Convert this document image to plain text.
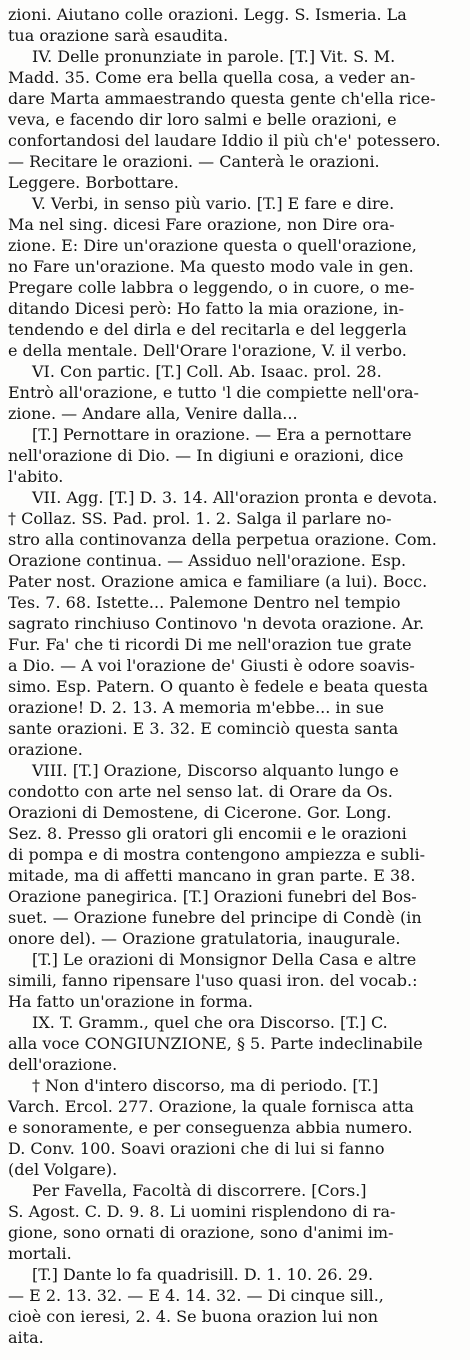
zioni. Aiutano colle orazioni. Legg. S. Ismeria. La
tua orazione sarà esaudita.
IV. Delle pronunziate in parole. [T.] Vit. S. M.
Madd. 35. Come era bella quella cosa, a veder an-
dare Marta ammaestrando questa gente ch'ella rice-
veva, e facendo dir loro salmi e belle orazioni, e
confortandosi del laudare Iddio il più ch'e' potessero.
— Recitare le orazioni. — Canterà le orazioni.
Leggere. Borbottare.
V. Verbi, in senso più vario. [T.] E fare e dire.
Ma nel sing. dicesi Fare orazione, non Dire ora-
zione. E: Dire un'orazione questa o quell'orazione,
no Fare un'orazione. Ma questo modo vale in gen.
Pregare colle labbra o leggendo, o in cuore, o me-
ditando Dicesi però: Ho fatto la mia orazione, in-
tendendo e del dirla e del recitarla e del leggerla
e della mentale. Dell'Orare l'orazione, V. il verbo.
VI. Con partic. [T.] Coll. Ab. Isaac. prol. 28.
Entrò all'orazione, e tutto 'l die compiette nell'ora-
zione. — Andare alla, Venire dalla...
[T.] Pernottare in orazione. — Era a pernottare
nell'orazione di Dio. — In digiuni e orazioni, dice
l'abito.
VII. Agg. [T.] D. 3. 14. All'orazion pronta e devota.
† Collaz. SS. Pad. prol. 1. 2. Salga il parlare no-
stro alla continovanza della perpetua orazione. Com.
Orazione continua. — Assiduo nell'orazione. Esp.
Pater nost. Orazione amica e familiare (a lui). Bocc.
Tes. 7. 68. Istette... Palemone Dentro nel tempio
sagrato rinchiuso Continovo 'n devota orazione. Ar.
Fur. Fa' che ti ricordi Di me nell'orazion tue grate
a Dio. — A voi l'orazione de' Giusti è odore soavis-
simo. Esp. Patern. O quanto è fedele e beata questa
orazione! D. 2. 13. A memoria m'ebbe... in sue
sante orazioni. E 3. 32. E cominciò questa santa
orazione.
VIII. [T.] Orazione, Discorso alquanto lungo e
condotto con arte nel senso lat. di Orare da Os.
Orazioni di Demostene, di Cicerone. Gor. Long.
Sez. 8. Presso gli oratori gli encomii e le orazioni
di pompa e di mostra contengono ampiezza e subli-
mitade, ma di affetti mancano in gran parte. E 38.
Orazione panegirica. [T.] Orazioni funebri del Bos-
suet. — Orazione funebre del principe di Condè (in
onore del). — Orazione gratulatoria, inaugurale.
[T.] Le orazioni di Monsignor Della Casa e altre
simili, fanno ripensare l'uso quasi iron. del vocab.:
Ha fatto un'orazione in forma.
IX. T. Gramm., quel che ora Discorso. [T.] C.
alla voce CONGIUNZIONE, § 5. Parte indeclinabile
dell'orazione.
† Non d'intero discorso, ma di periodo. [T.]
Varch. Ercol. 277. Orazione, la quale fornisca atta
e sonoramente, e per conseguenza abbia numero.
D. Conv. 100. Soavi orazioni che di lui si fanno
(del Volgare).
Per Favella, Facoltà di discorrere. [Cors.]
S. Agost. C. D. 9. 8. Li uomini risplendono di ra-
gione, sono ornati di orazione, sono d'animi im-
mortali.
[T.] Dante lo fa quadrisill. D. 1. 10. 26. 29.
— E 2. 13. 32. — E 4. 14. 32. — Di cinque sill.,
cioè con ieresi, 2. 4. Se buona orazion lui non
aita.
